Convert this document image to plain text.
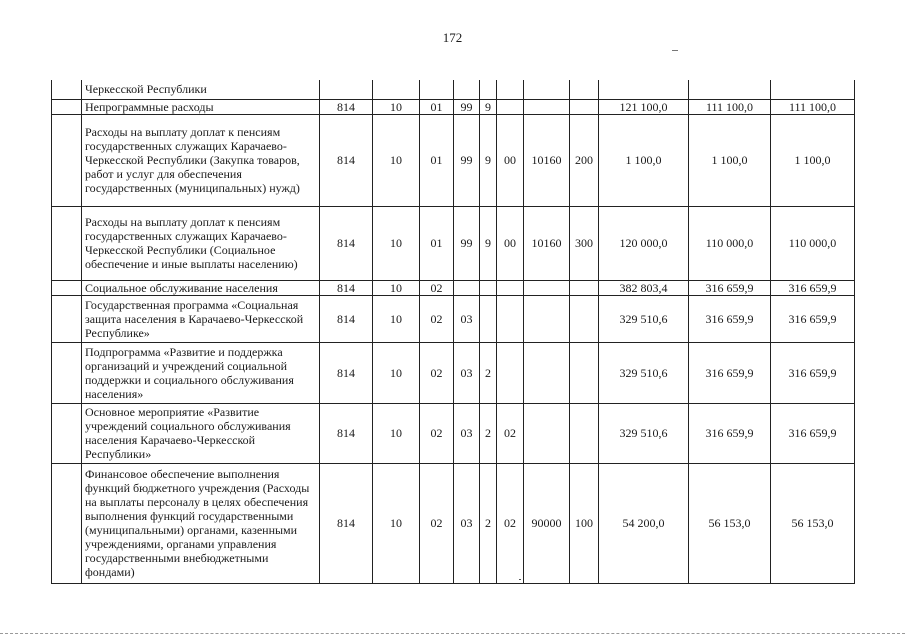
172
	Черкесской Республики											
	Непрограммные расходы	814	10	01	99	9				121 100,0	111 100,0	111 100,0
	Расходы на выплату доплат к пенсиям государственных служащих Карачаево-Черкесской Республики (Закупка товаров, работ и услуг для обеспечения государственных (муниципальных) нужд)	814	10	01	99	9	00	10160	200	1 100,0	1 100,0	1 100,0
	Расходы на выплату доплат к пенсиям государственных служащих Карачаево-Черкесской Республики (Социальное обеспечение и иные выплаты населению)	814	10	01	99	9	00	10160	300	120 000,0	110 000,0	110 000,0
	Социальное обслуживание населения	814	10	02						382 803,4	316 659,9	316 659,9
	Государственная программа «Социальная защита населения в Карачаево-Черкесской Республике»	814	10	02	03					329 510,6	316 659,9	316 659,9
	Подпрограмма «Развитие и поддержка организаций и учреждений социальной поддержки и социального обслуживания населения»	814	10	02	03	2				329 510,6	316 659,9	316 659,9
	Основное мероприятие «Развитие учреждений социального обслуживания населения Карачаево-Черкесской Республики»	814	10	02	03	2	02			329 510,6	316 659,9	316 659,9
	Финансовое обеспечение выполнения функций бюджетного учреждения (Расходы на выплаты персоналу в целях обеспечения выполнения функций государственными (муниципальными) органами, казенными учреждениями, органами управления государственными внебюджетными фондами)	814	10	02	03	2	02	90000	100	54 200,0	56 153,0	56 153,0
